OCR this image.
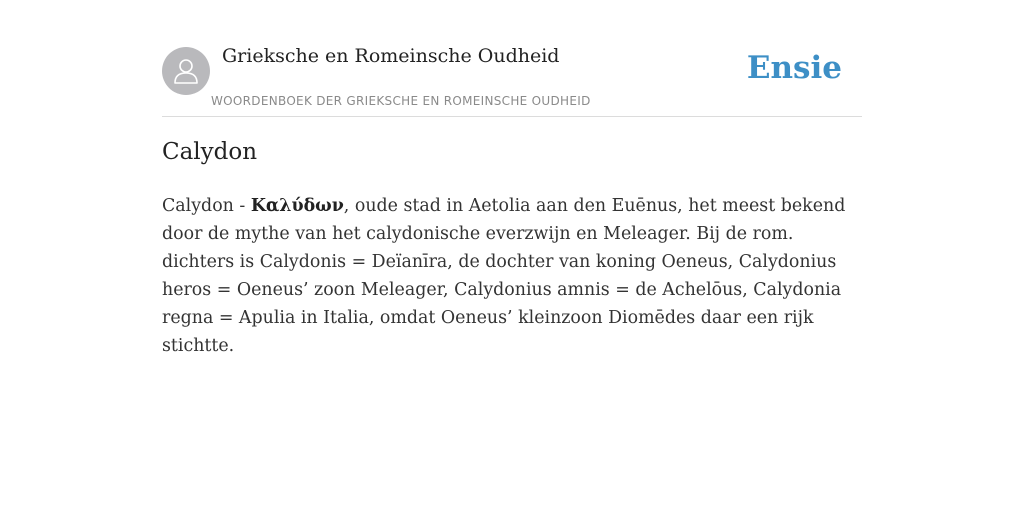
Grieksche en Romeinsche Oudheid
WOORDENBOEK DER GRIEKSCHE EN ROMEINSCHE OUDHEID
Ensie
Calydon

Calydon - Καλύδων, oude stad in Aetolia aan den Euēnus, het meest bekend door de mythe van het calydonische everzwijn en Meleager. Bij de rom. dichters is Calydonis = Deïanīra, de dochter van koning Oeneus, Calydonius heros = Oeneus’ zoon Meleager, Calydonius amnis = de Achelōus, Calydonia regna = Apulia in Italia, omdat Oeneus’ kleinzoon Diomēdes daar een rijk stichtte.
